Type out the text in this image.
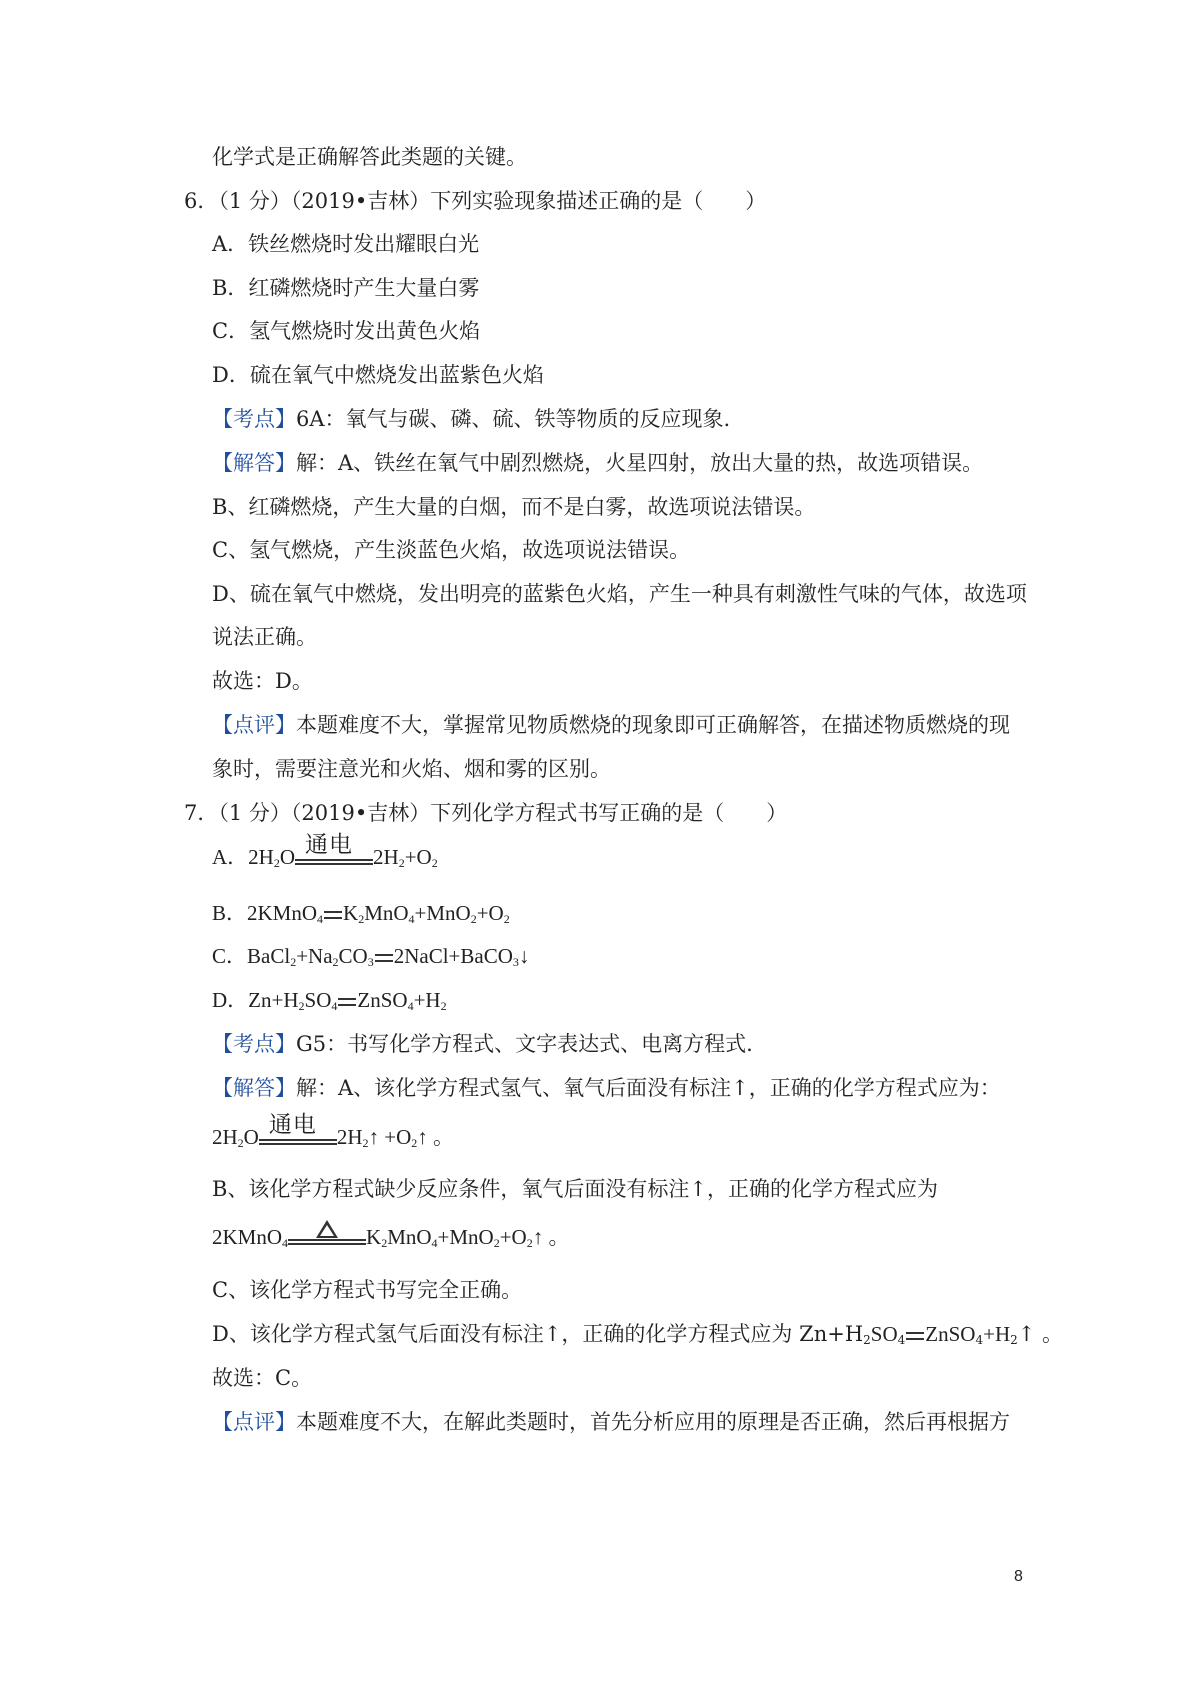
化学式是正确解答此类题的关键。
6．（1 分）（2019•吉林）下列实验现象描述正确的是（　　）
A．铁丝燃烧时发出耀眼白光
B．红磷燃烧时产生大量白雾
C．氢气燃烧时发出黄色火焰
D．硫在氧气中燃烧发出蓝紫色火焰
【考点】6A：氧气与碳、磷、硫、铁等物质的反应现象.
【解答】解：A、铁丝在氧气中剧烈燃烧，火星四射，放出大量的热，故选项错误。
B、红磷燃烧，产生大量的白烟，而不是白雾，故选项说法错误。
C、氢气燃烧，产生淡蓝色火焰，故选项说法错误。
D、硫在氧气中燃烧，发出明亮的蓝紫色火焰，产生一种具有刺激性气味的气体，故选项
说法正确。
故选：D。
【点评】本题难度不大，掌握常见物质燃烧的现象即可正确解答，在描述物质燃烧的现
象时，需要注意光和火焰、烟和雾的区别。
7．（1 分）（2019•吉林）下列化学方程式书写正确的是（　　）
A．$2H_2O$ 通电 $2H_2+O_2$
B．2KMnO$_4$ $K_2MnO_4+MnO_2+O_2$
C．$BaCl_2+Na_2CO_3$ 2NaCl+BaCO$_3$↓
D．$Zn+H_2SO_4$ $ZnSO_4+H_2$
【考点】G5：书写化学方程式、文字表达式、电离方程式.
【解答】解：A、该化学方程式氢气、氧气后面没有标注↑，正确的化学方程式应为：
$2H_2O$ 通电 $2H_2↑$ $+O_2↑$ 。
B、该化学方程式缺少反应条件，氧气后面没有标注↑，正确的化学方程式应为
2KMnO$_4$	$K_2MnO_4+MnO_2+O_2↑$ 。
C、该化学方程式书写完全正确。
D、该化学方程式氢气后面没有标注↑，正确的化学方程式应为 $Zn+H_2SO_4$ $ZnSO_4+H_2↑$ 。
故选：C。
【点评】本题难度不大，在解此类题时，首先分析应用的原理是否正确，然后再根据方
8
